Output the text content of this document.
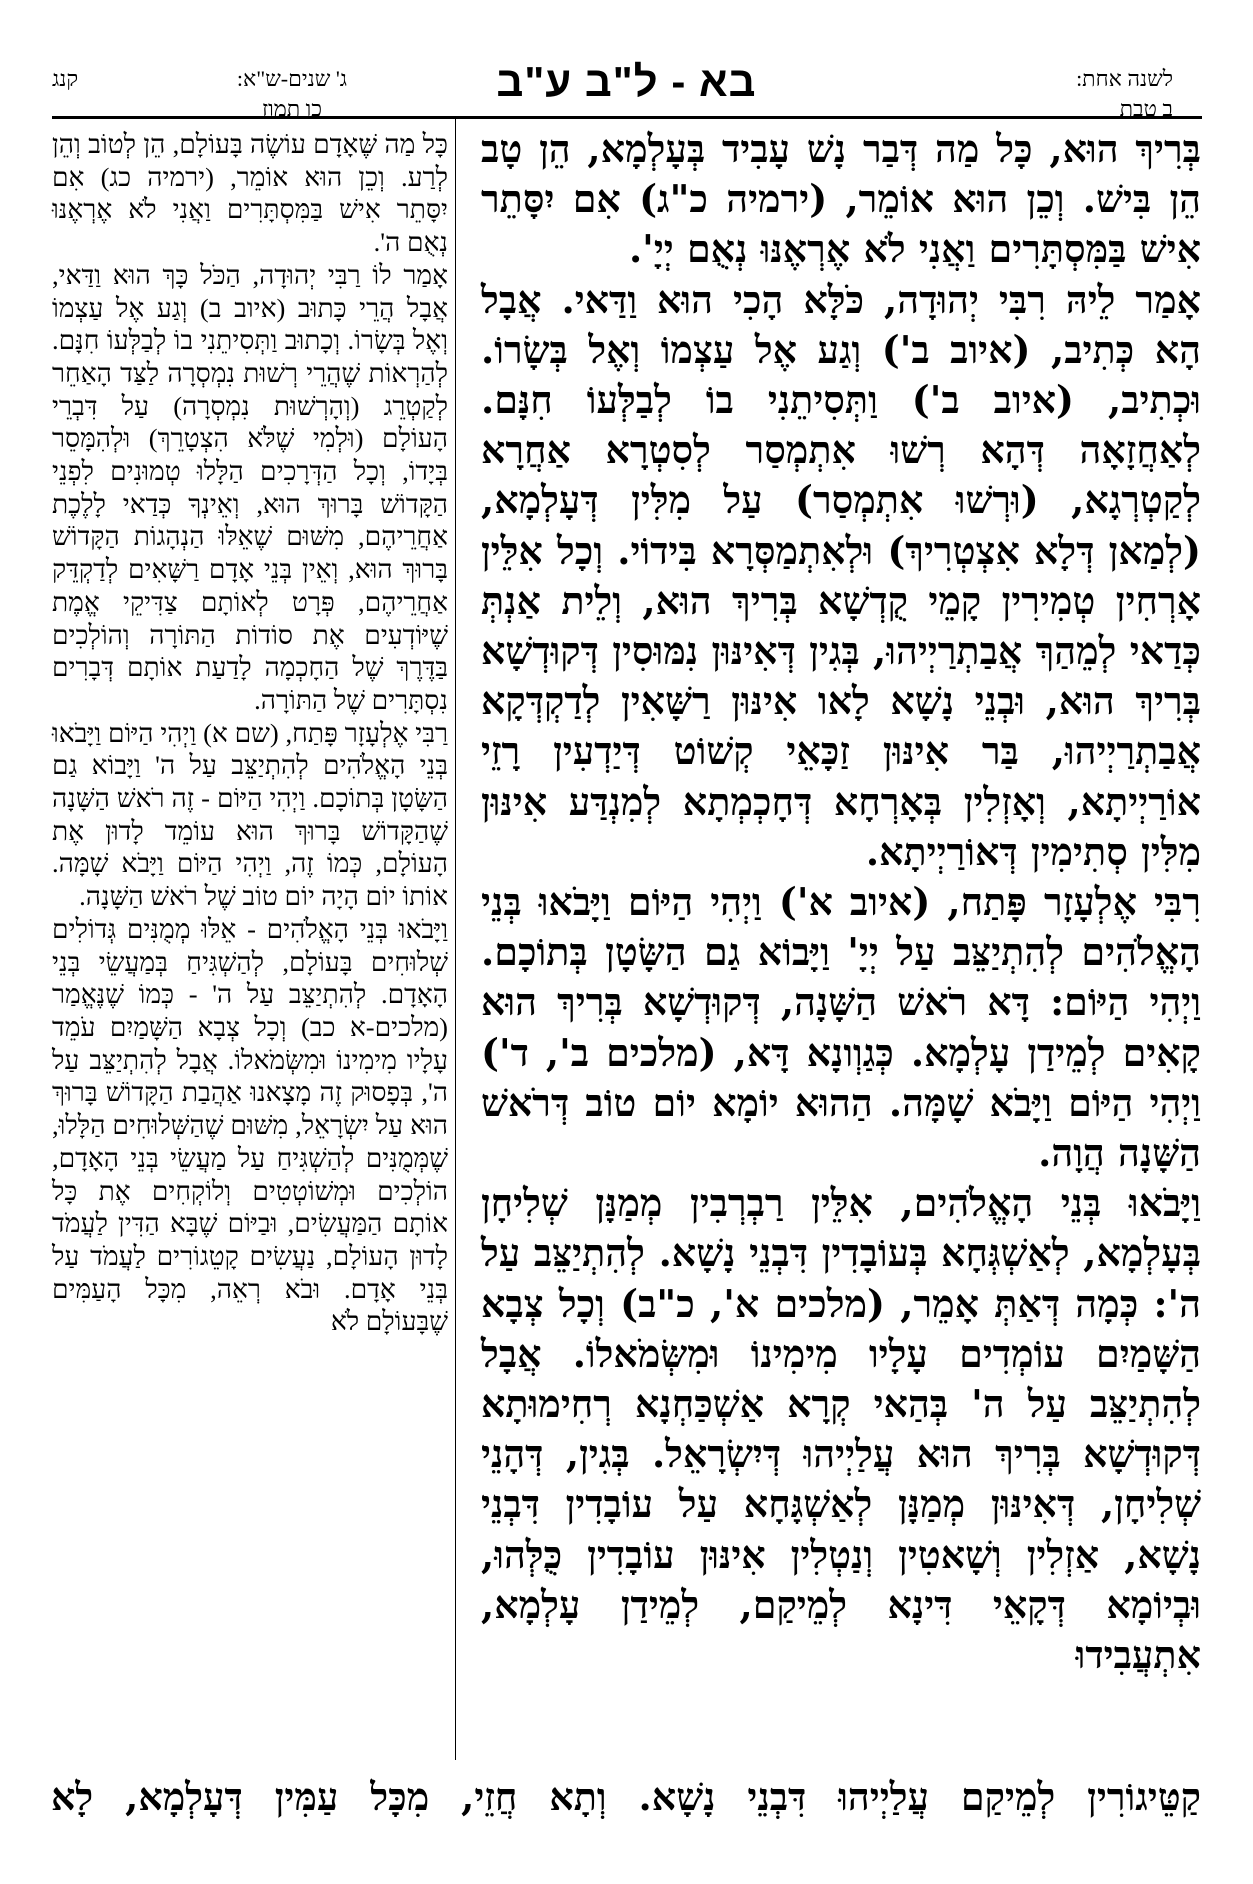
לשנה אחת:
ב טבת
בא - ל"ב ע"ב
ג' שנים-ש"א:
כו תמוז
קנג

בְּרִיךְ הוּא, כָּל מַה דְּבַר נָשׁ עָבִיד בְּעָלְמָא, הֵן טָב הֵן בִּישׁ. וְכֵן הוּא אוֹמֵר, (ירמיה כ"ג) אִם יִסָּתֵר אִישׁ בַּמִּסְתָּרִים וַאֲנִי לֹא אֶרְאֶנּוּ נְאֻם יְיָ'.

אָמַר לֵיהּ רִבִּי יְהוּדָה, כֹּלָּא הָכִי הוּא וַדַּאי. אֲבָל הָא כְּתִיב, (איוב ב') וְגַע אֶל עַצְמוֹ וְאֶל בְּשָׂרוֹ. וּכְתִיב, (איוב ב') וַתְּסִיתֵנִי בוֹ לְבַלְּעוֹ חִנָּם. לְאַחֲזָאָה דְּהָא רְשׁוּ אִתְמְסַר לְסִטְרָא אַחֲרָא לְקַטְרְגָא, (וּרְשׁוּ אִתְמְסַר) עַל מִלִּין דְּעָלְמָא, (לְמַאן דְּלָא אִצְטְרִיךְ) וּלְאִתְמַסְּרָא בִּידוֹי. וְכָל אִלֵּין אָרְחִין טְמִירִין קָמֵי קֻדְשָׁא בְּרִיךְ הוּא, וְלֵית אַנְתְּ כְּדַאי לְמֵהַךְ אֲבַתְרַיְיהוּ, בְּגִין דְּאִינּוּן נִמּוּסִין דְּקוּדְשָׁא בְּרִיךְ הוּא, וּבְנֵי נָשָׁא לָאו אִינּוּן רַשָּׁאִין לְדַקְדְּקָא אֲבַתְרַיְיהוּ, בַּר אִינּוּן זַכָּאֵי קְשׁוֹט דְּיַדְעִין רָזֵי אוֹרַיְיתָא, וְאָזְלִין בְּאָרְחָא דְּחָכְמְתָא לְמִנְדַּע אִינּוּן מִלִּין סְתִימִין דְּאוֹרַיְיתָא.

רִבִּי אֶלְעָזָר פָּתַח, (איוב א') וַיְהִי הַיּוֹם וַיָּבֹאוּ בְּנֵי הָאֱלֹהִים לְהִתְיַצֵּב עַל יְיָ' וַיָּבוֹא גַם הַשָּׂטָן בְּתוֹכָם. וַיְהִי הַיּוֹם: דָּא רֹאשׁ הַשָּׁנָה, דְּקוּדְשָׁא בְּרִיךְ הוּא קָאִים לְמֵידַן עָלְמָא. כְּגַוְונָא דָּא, (מלכים ב', ד') וַיְהִי הַיּוֹם וַיָּבֹא שָׁמָּה. הַהוּא יוֹמָא יוֹם טוֹב דְּרֹאשׁ הַשָּׁנָה הֲוָה.

וַיָּבֹאוּ בְּנֵי הָאֱלֹהִים, אִלֵּין רַבְרְבִין מְמַנָּן שְׁלִיחָן בְּעָלְמָא, לְאַשְׁגְּחָא בְּעוֹבָדִין דִּבְנֵי נָשָׁא. לְהִתְיַצֵּב עַל ה': כְּמָה דְּאַתְּ אָמֵר, (מלכים א', כ"ב) וְכָל צְבָא הַשָּׁמַיִם עוֹמְדִים עָלָיו מִימִינוֹ וּמִשְּׂמֹאלוֹ. אֲבָל לְהִתְיַצֵּב עַל ה' בְּהַאי קְרָא אַשְׁכַּחְנָא רְחִימוּתָא דְּקוּדְשָׁא בְּרִיךְ הוּא עֲלַיְיהוּ דְּיִשְׂרָאֵל. בְּגִין, דְּהָנֵי שְׁלִיחָן, דְּאִינּוּן מְמַנָּן לְאַשְׁגָּחָא עַל עוֹבָדִין דִּבְנֵי נָשָׁא, אַזְלִין וְשָׁאטִין וְנַטְלִין אִינּוּן עוֹבָדִין כֻּלְּהוּ, וּבְיוֹמָא דְּקָאֵי דִּינָא לְמֵיקַם, לְמֵידַן עָלְמָא, אִתְעֲבִידוּ

כָּל מַה שֶּׁאָדָם עוֹשֶׂה בָּעוֹלָם, הֵן לְטוֹב וְהֵן לְרַע. וְכֵן הוּא אוֹמֵר, (ירמיה כג) אִם יִסָּתֵר אִישׁ בַּמִּסְתָּרִים וַאֲנִי לֹא אֶרְאֶנּוּ נְאֻם ה'.

אָמַר לוֹ רַבִּי יְהוּדָה, הַכֹּל כָּךְ הוּא וַדַּאי, אֲבָל הֲרֵי כָּתוּב (איוב ב) וְגַע אֶל עַצְמוֹ וְאֶל בְּשָׂרוֹ. וְכָתוּב וַתְּסִיתֵנִי בוֹ לְבַלְּעוֹ חִנָּם. לְהַרְאוֹת שֶׁהֲרֵי רְשׁוּת נִמְסְרָה לַצַּד הָאַחֵר לְקַטְרֵג (וְהָרְשׁוּת נִמְסְרָה) עַל דִּבְרֵי הָעוֹלָם (וּלְמִי שֶׁלֹּא הִצְטָרֵךְ) וּלְהִמָּסֵר בְּיָדוֹ, וְכָל הַדְּרָכִים הַלָּלוּ טְמוּנִים לִפְנֵי הַקָּדוֹשׁ בָּרוּךְ הוּא, וְאֵינְךָ כְּדַאי לָלֶכֶת אַחֲרֵיהֶם, מִשּׁוּם שֶׁאֵלּוּ הַנְהָגוֹת הַקָּדוֹשׁ בָּרוּךְ הוּא, וְאֵין בְּנֵי אָדָם רַשָּׁאִים לְדַקְדֵּק אַחֲרֵיהֶם, פְּרָט לְאוֹתָם צַדִּיקֵי אֱמֶת שֶׁיּוֹדְעִים אֶת סוֹדוֹת הַתּוֹרָה וְהוֹלְכִים בַּדֶּרֶךְ שֶׁל הַחָכְמָה לָדַעַת אוֹתָם דְּבָרִים נִסְתָּרִים שֶׁל הַתּוֹרָה.

רַבִּי אֶלְעָזָר פָּתַח, (שם א) וַיְהִי הַיּוֹם וַיָּבֹאוּ בְּנֵי הָאֱלֹהִים לְהִתְיַצֵּב עַל ה' וַיָּבוֹא גַם הַשָּׂטָן בְּתוֹכָם. וַיְהִי הַיּוֹם - זֶה רֹאשׁ הַשָּׁנָה שֶׁהַקָּדוֹשׁ בָּרוּךְ הוּא עוֹמֵד לָדוּן אֶת הָעוֹלָם, כְּמוֹ זֶה, וַיְהִי הַיּוֹם וַיָּבֹא שָׁמָּה. אוֹתוֹ יוֹם הָיָה יוֹם טוֹב שֶׁל רֹאשׁ הַשָּׁנָה.

וַיָּבֹאוּ בְּנֵי הָאֱלֹהִים - אֵלּוּ מְמֻנִּים גְּדוֹלִים שְׁלוּחִים בָּעוֹלָם, לְהַשְׁגִּיחַ בְּמַעֲשֵׂי בְּנֵי הָאָדָם. לְהִתְיַצֵּב עַל ה' - כְּמוֹ שֶׁנֶּאֱמַר (מלכים-א כב) וְכָל צְבָא הַשָּׁמַיִם עֹמֵד עָלָיו מִימִינוֹ וּמִשְּׂמֹאלוֹ. אֲבָל לְהִתְיַצֵּב עַל ה', בְּפָסוּק זֶה מָצָאנוּ אַהֲבַת הַקָּדוֹשׁ בָּרוּךְ הוּא עַל יִשְׂרָאֵל, מִשּׁוּם שֶׁהַשְּׁלוּחִים הַלָּלוּ, שֶׁמְּמֻנִּים לְהַשְׁגִּיחַ עַל מַעֲשֵׂי בְּנֵי הָאָדָם, הוֹלְכִים וּמְשׁוֹטְטִים וְלוֹקְחִים אֶת כָּל אוֹתָם הַמַּעֲשִׂים, וּבַיּוֹם שֶׁבָּא הַדִּין לַעֲמֹד לָדוּן הָעוֹלָם, נַעֲשִׂים קָטֵגוֹרִים לַעֲמֹד עַל בְּנֵי אָדָם. וּבֹא רְאֵה, מִכָּל הָעַמִּים שֶׁבָּעוֹלָם לֹא

קַטֵּיגוֹרִין לְמֵיקַם עֲלַיְיהוּ דִּבְנֵי נָשָׁא. וְתָא חֲזֵי, מִכָּל עַמִּין דְּעָלְמָא, לָא
